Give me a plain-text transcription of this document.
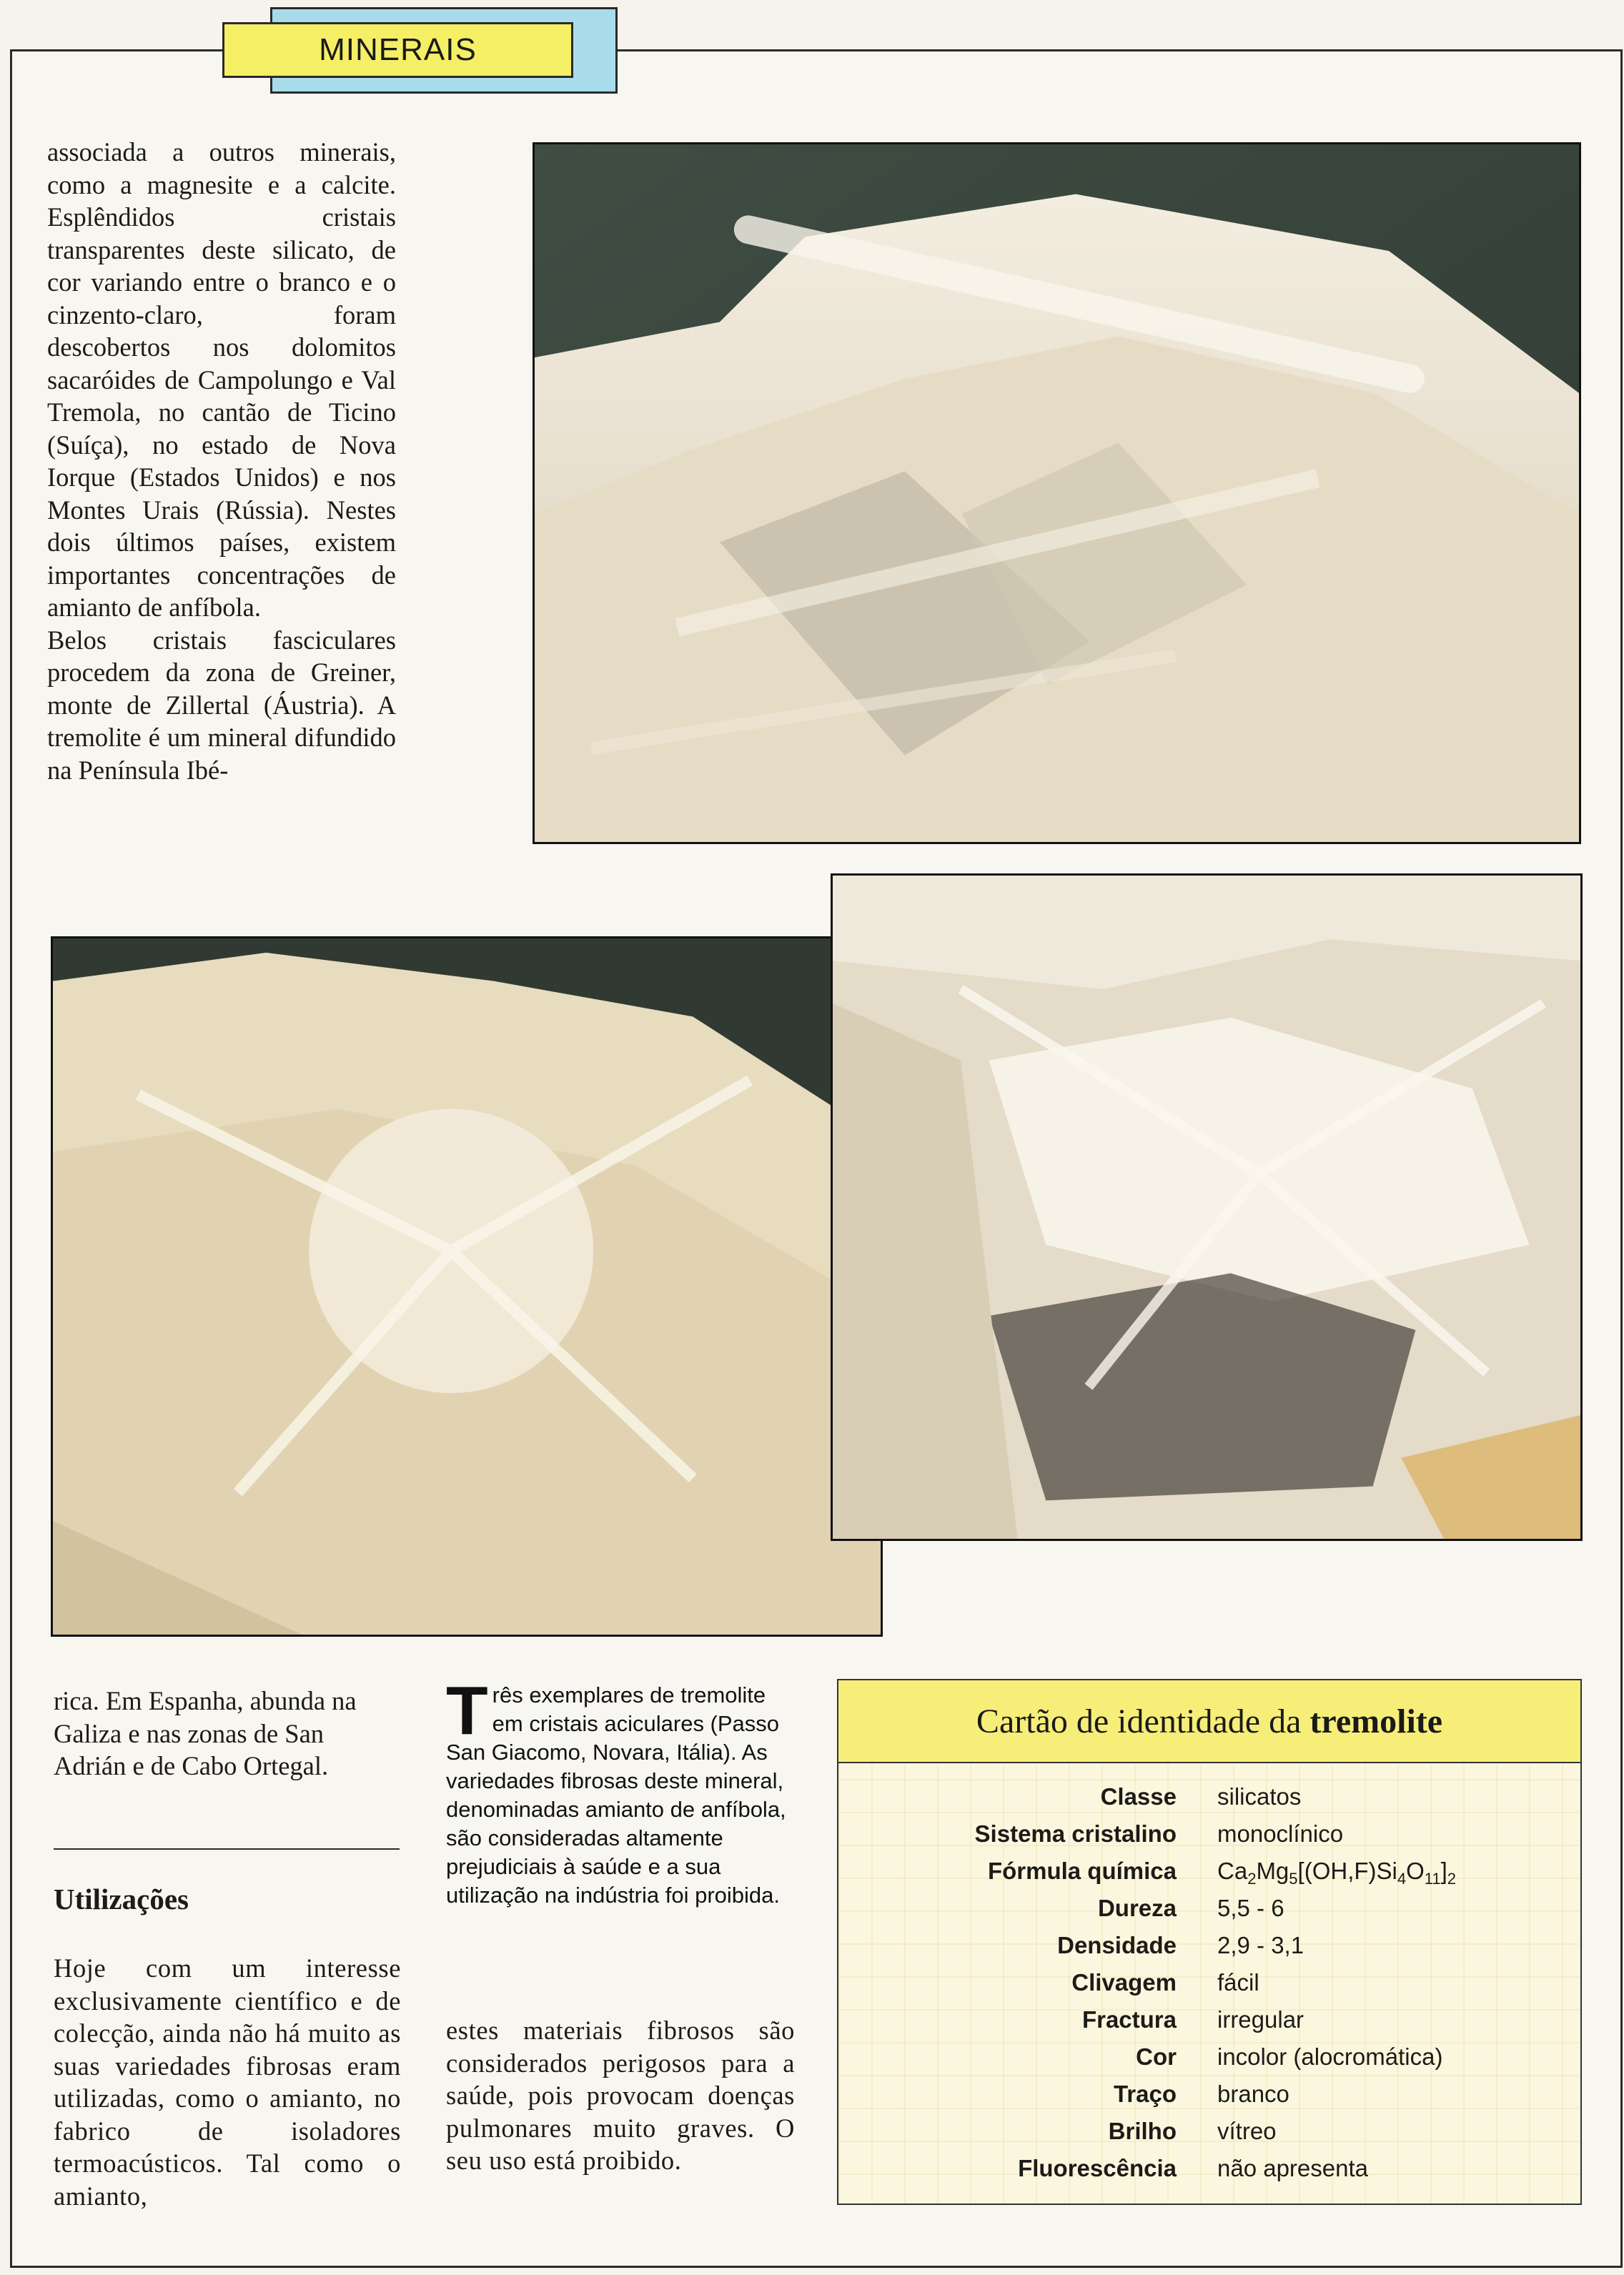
MINERAIS

associada a outros minerais, como a magnesite e a calcite. Esplêndidos cristais transparentes deste silicato, de cor variando entre o branco e o cinzento-claro, foram descobertos nos dolomitos sacaróides de Campolungo e Val Tremola, no cantão de Ticino (Suíça), no estado de Nova Iorque (Estados Unidos) e nos Montes Urais (Rússia). Nestes dois últimos países, existem importantes concentrações de amianto de anfíbola.

Belos cristais fasciculares procedem da zona de Greiner, monte de Zillertal (Áustria). A tremolite é um mineral difundido na Península Ibé-

rica. Em Espanha, abunda na Galiza e nas zonas de San Adrián e de Cabo Ortegal.

Utilizações

Hoje com um interesse exclusivamente científico e de colecção, ainda não há muito as suas variedades fibrosas eram utilizadas, como o amianto, no fabrico de isoladores termoacústicos. Tal como o amianto,

Três exemplares de tremolite em cristais aciculares (Passo San Giacomo, Novara, Itália). As variedades fibrosas deste mineral, denominadas amianto de anfíbola, são consideradas altamente prejudiciais à saúde e a sua utilização na indústria foi proibida.

estes materiais fibrosos são considerados perigosos para a saúde, pois provocam doenças pulmonares muito graves. O seu uso está proibido.

Cartão de identidade da tremolite
Classe silicatos
Sistema cristalino monoclínico
Fórmula química $Ca_2Mg_5[(OH,F)Si_4O_{11}]_2$
Dureza 5,5 - 6
Densidade 2,9 - 3,1
Clivagem fácil
Fractura irregular
Cor incolor (alocromática)
Traço branco
Brilho vítreo
Fluorescência não apresenta
